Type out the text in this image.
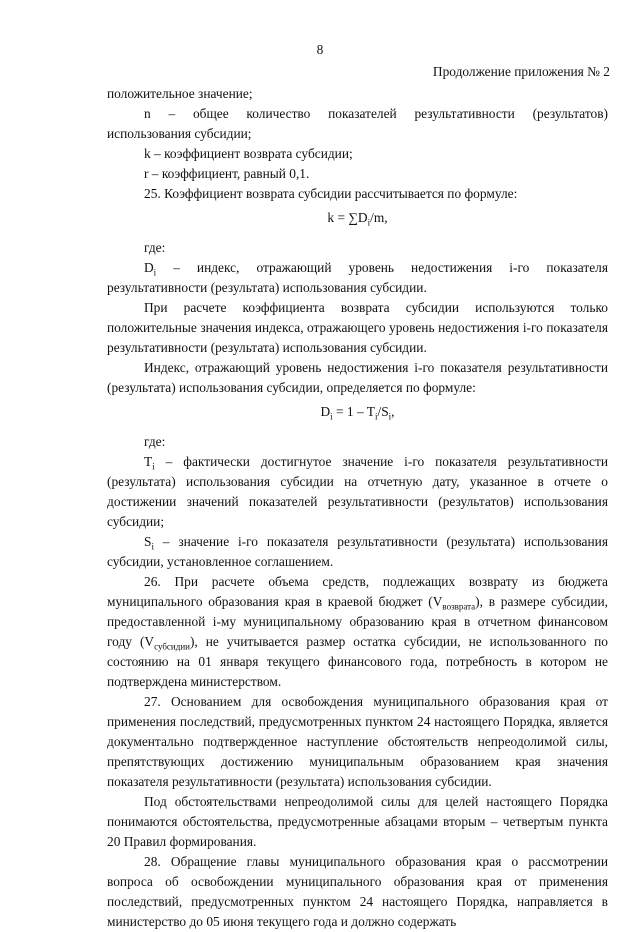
8
Продолжение приложения № 2

положительное значение;

n – общее количество показателей результативности (результатов) использования субсидии;

k – коэффициент возврата субсидии;

r – коэффициент, равный 0,1.

25. Коэффициент возврата субсидии рассчитывается по формуле:

$k = \sum D_i/m$,

где:

$D_i$ – индекс, отражающий уровень недостижения i-го показателя результативности (результата) использования субсидии.

При расчете коэффициента возврата субсидии используются только положительные значения индекса, отражающего уровень недостижения i-го показателя результативности (результата) использования субсидии.

Индекс, отражающий уровень недостижения i-го показателя результативности (результата) использования субсидии, определяется по формуле:

$D_i = 1 - T_i/S_i$,

где:

$T_i$ – фактически достигнутое значение i-го показателя результативности (результата) использования субсидии на отчетную дату, указанное в отчете о достижении значений показателей результативности (результатов) использования субсидии;

$S_i$ – значение i-го показателя результативности (результата) использования субсидии, установленное соглашением.

26. При расчете объема средств, подлежащих возврату из бюджета муниципального образования края в краевой бюджет $(V_{возврата})$, в размере субсидии, предоставленной i-му муниципальному образованию края в отчетном финансовом году $(V_{субсидии})$, не учитывается размер остатка субсидии, не использованного по состоянию на 01 января текущего финансового года, потребность в котором не подтверждена министерством.

27. Основанием для освобождения муниципального образования края от применения последствий, предусмотренных пунктом 24 настоящего Порядка, является документально подтвержденное наступление обстоятельств непреодолимой силы, препятствующих достижению муниципальным образованием края значения показателя результативности (результата) использования субсидии.

Под обстоятельствами непреодолимой силы для целей настоящего Порядка понимаются обстоятельства, предусмотренные абзацами вторым – четвертым пункта 20 Правил формирования.

28. Обращение главы муниципального образования края о рассмотрении вопроса об освобождении муниципального образования края от применения последствий, предусмотренных пунктом 24 настоящего Порядка, направляется в министерство до 05 июня текущего года и должно содержать
